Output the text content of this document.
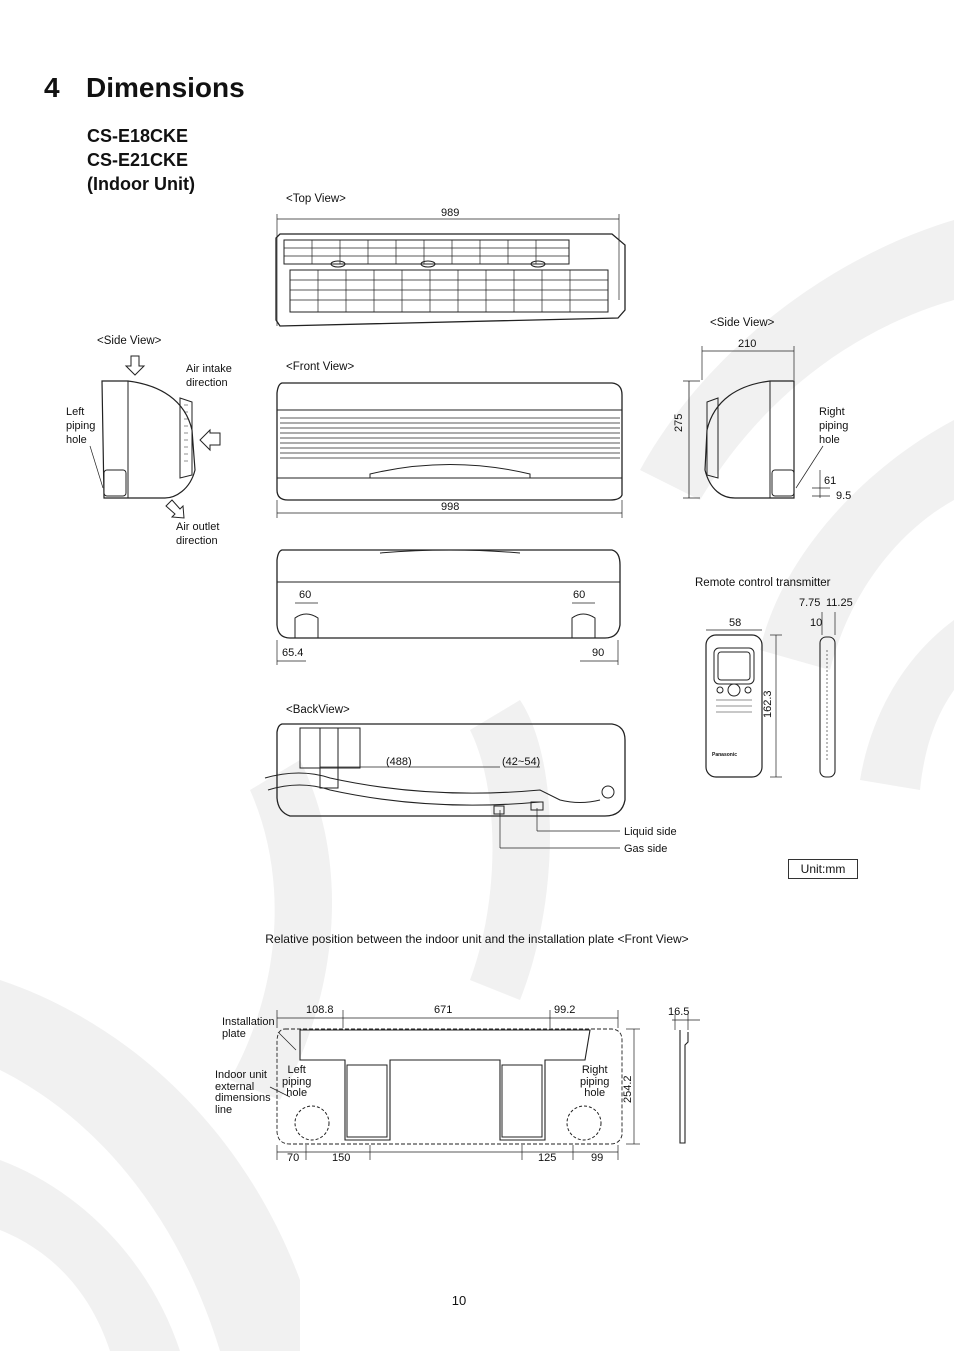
4 Dimensions
CS-E18CKE
CS-E21CKE
(Indoor Unit)
<Top View>
<Side View>
<Front View>
<Side View>
<BackView>
Air intake
direction
Left
piping
hole
Air outlet
direction
Right
piping
hole
Remote control transmitter
Liquid side
Gas side
Panasonic
Unit:mm
989
998
210
275
61
9.5
60	60
65.4	90
(488)	(42~54)
58
162.3
7.75 11.25
10
Relative position between the indoor unit and the installation plate <Front View>
Installation
plate
Indoor unit
external
dimensions
line
Left
piping
hole
Right
piping
hole
108.8	671	99.2	16.5
254.2
70	150	125	99
10
